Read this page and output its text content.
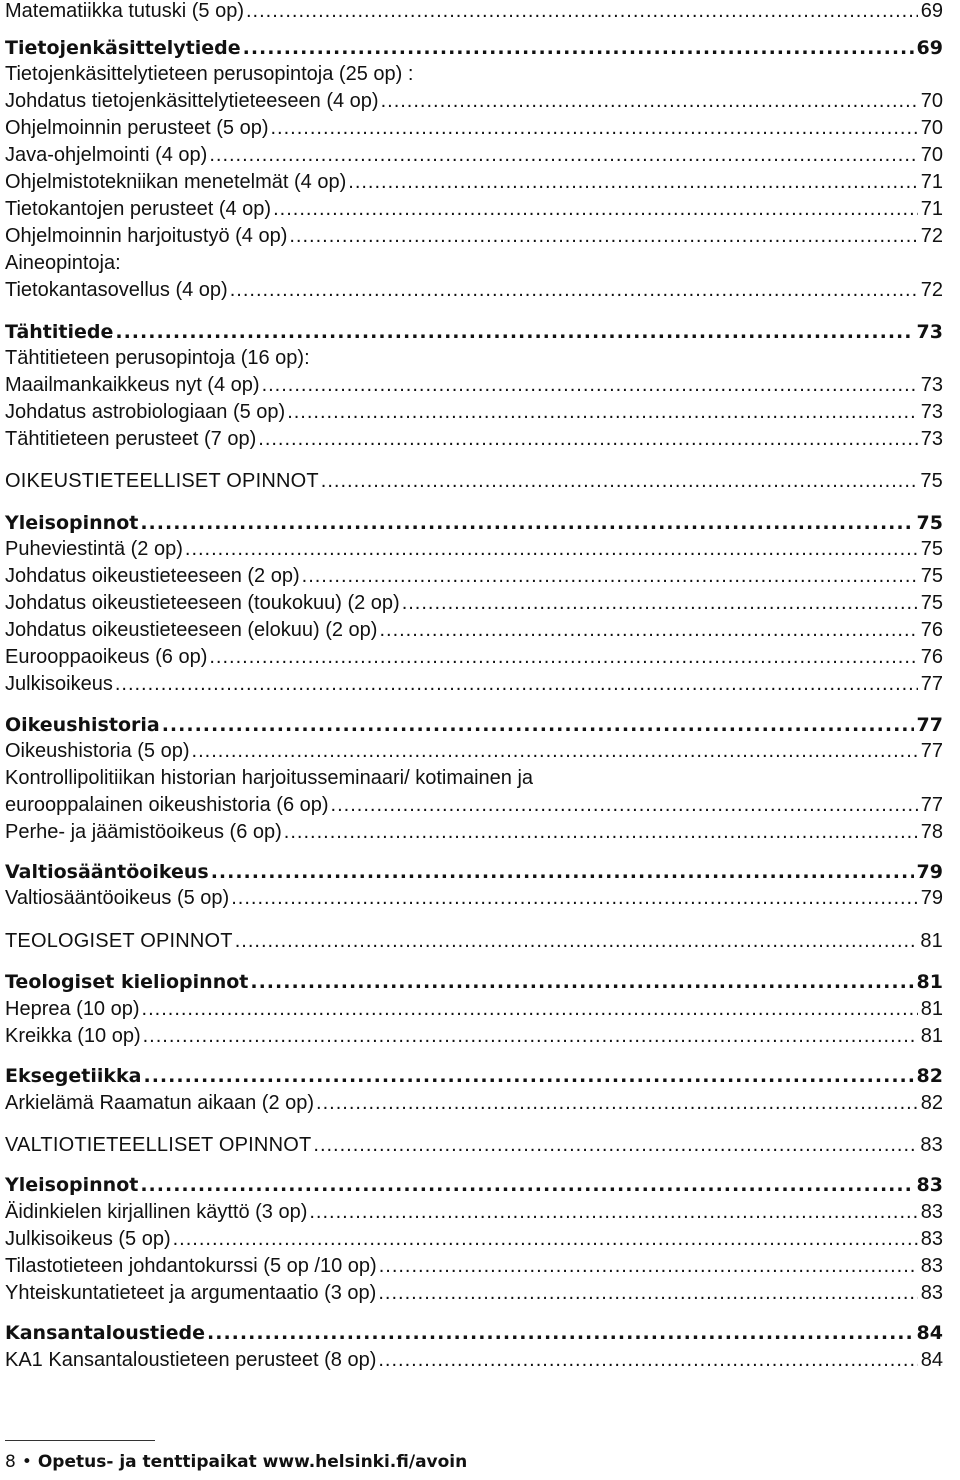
Matematiikka tutuski (5 op) .....	69
Tietojenkäsittelytiede .....	69
Tietojenkäsittelytieteen perusopintoja (25 op) :
Johdatus tietojenkäsittelytieteeseen (4 op) .....	70
Ohjelmoinnin perusteet (5 op) .....	70
Java-ohjelmointi (4 op) .....	70
Ohjelmistotekniikan menetelmät (4 op) .....	71
Tietokantojen perusteet (4 op) .....	71
Ohjelmoinnin harjoitustyö (4 op) .....	72
Aineopintoja:
Tietokantasovellus (4 op) .....	72
Tähtitiede .....	73
Tähtitieteen perusopintoja (16 op):
Maailmankaikkeus nyt (4 op) .....	73
Johdatus astrobiologiaan (5 op) .....	73
Tähtitieteen perusteet (7 op) .....	73
OIKEUSTIETEELLISET OPINNOT .....	75
Yleisopinnot .....	75
Puheviestintä (2 op) .....	75
Johdatus oikeustieteeseen (2 op) .....	75
Johdatus oikeustieteeseen (toukokuu) (2 op) .....	75
Johdatus oikeustieteeseen (elokuu) (2 op) .....	76
Eurooppaoikeus (6 op) .....	76
Julkisoikeus .....	77
Oikeushistoria .....	77
Oikeushistoria (5 op) .....	77
Kontrollipolitiikan historian harjoitusseminaari/ kotimainen ja
eurooppalainen oikeushistoria (6 op) .....	77
Perhe- ja jäämistöoikeus (6 op) .....	78
Valtiosääntöoikeus .....	79
Valtiosääntöoikeus (5 op) .....	79
TEOLOGISET OPINNOT .....	81
Teologiset kieliopinnot .....	81
Heprea (10 op) .....	81
Kreikka (10 op) .....	81
Eksegetiikka .....	82
Arkielämä Raamatun aikaan (2 op) .....	82
VALTIOTIETEELLISET OPINNOT .....	83
Yleisopinnot .....	83
Äidinkielen kirjallinen käyttö (3 op) .....	83
Julkisoikeus (5 op) .....	83
Tilastotieteen johdantokurssi (5 op /10 op) .....	83
Yhteiskuntatieteet ja argumentaatio (3 op) .....	83
Kansantaloustiede .....	84
KA1 Kansantaloustieteen perusteet (8 op) .....	84
8 • Opetus- ja tenttipaikat www.helsinki.fi/avoin
